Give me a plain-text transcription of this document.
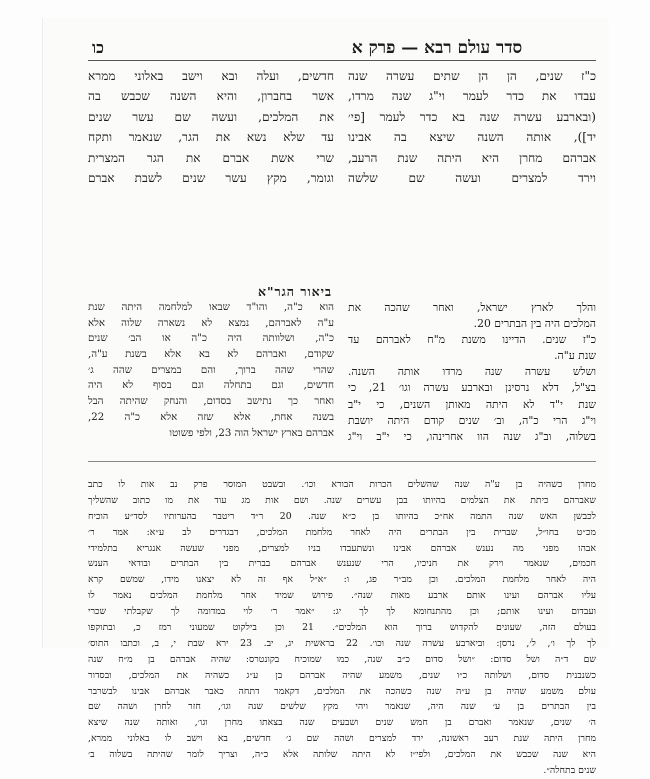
סדר עולם רבא — פרק א
כו

כ"ז שנים, הן הן שתים עשרה שנה

עבדו את כדר לעמר וי"ג שנה מרדו,

(ובארבע עשרה שנה בא כדר לעמר [פי׳

יד]), אותה השנה שיצא בה אבינו

אברהם מחרן היא היתה שנת הרעב,

וירד למצרים ועשה שם שלשה

חדשים, ועלה ובא וישב באלוני ממרא

אשר בחברון, והיא השנה שכבש בה

את המלכים, ועשה שם עשר שנים

עד שלא נשא את הגר, שנאמר ותקח

שרי אשת אברם את הגר המצרית

וגומר, מקץ עשר שנים לשבת אברם

ביאור הגר"א

והלך לארץ ישראל, ואחר שהכה את

המלכים היה בין הבתרים 20.

כ"ז שנים. הדיינו משנת מ"ח לאברהם עד

שנת ע"ה.

ושלש עשרה שנה מרדו אותה השנה.

בצ"ל, דלא נרסינן ובארבע עשרה וגו׳ 21, כי

שנת י"ד לא היתה מאותן השנים, כי י"ב

וי"ג הרי כ"ה, וב׳ שנים קודם היתה יושבת

בשלוה, וב"ג שנה הוו אחרינהו, כי י"ב וי"ג

הוא כ"ה, והו"ד שבאו למלחמה היתה שנת

ע"ה לאברהם, נמצא לא נשארה שלוה אלא

כ"ה, ושלוותה היה כ"ה או הב׳ שנים

שקודם, ואברהם לא בא אלא בשנת ע"ה,

שהרי שהה ברוך, והם במצרים שהה ג׳

חדשים, וגם בתחלה וגם בסוף לא היה

ואחר כך נתישב בסדום, והנחק שהיתה הבל

בשנה אחת, אלא שזה אלא כ"ה 22,

אברהם בארץ ישראל הוה 23, ולפי פשוטו

מחרן כשהיה בן ע"ה שנה שהשלים הכרות הבורא וכו׳. ובשבט המוסר פרק נב אות לו כתב

שאברהם כיתת את הצלמים בהיותו בבן עשרים שנה. ושם אות מג עוד את מו כתוב שהשליך

לכבשן האש שנה התמה אח״כ בהיותו בן כ״א שנה. 20 ר״ד ריטבר בהערותיו לסד״ע הוכיח

מכ״ט בחו״ל, שברית בין הבתרים היה לאחר מלחמת המלכים, דבגדרים לב ע״א: אמר ר׳

אבהו מפני מה נענש אברהם אבינו ונשתעבדו בניו למצרים, מפני שעשה אנגריא בתלמידי

חכמים, שנאמר וירק את חניכיו, הרי שנענש אברהם בברית בין הבתרים ובודאי הענש

היה לאחר מלחמת המלכים. וכן מב״ר פג, ו: ״א״ל אף זה לא יצאנו מידו, שמשם קרא

עליו אברהם ועינו אותם ארבע מאות שנה״. פירוש שמיד אחר מלחמת המלכים נאמר לו

ועבדום ועינו אותם; וכן מהתנחומא לך לך יג: ״אמר ר׳ לוי במדומה לך שקבלתי שכרי

בעולם הזה, שעונים להקדוש ברוך הוא המלכים״. 21 וכן בילקוט שמעוני רמז כ, ובתוקפו

לך לך ו׳, ל׳, נרסן: וביארבע עשרה שנה וכו׳. 22 בראשית יג, יב. 23 ירא שבת י, ב, וכתבו התוס׳

שם ד״ה ושל סדום: ״ושל סדום כ״ב שנה, כמו שמוכיח בקונטרס: שהיה אברהם בן מ״ח שנה

כשנבנית סדום, ושלותה כ״ו שנים, משמע שהיה אברהם בן ע״ג כשהיה את המלכים, ובסדור

עולם משמע שהיה בן ע״ה שנה כשהכה את המלכים, דקאמר דתחה כאבר אברהם אבינו לבשרבר

בין הבתרים בן ע׳ שנה היה, שנאמר ויהי מקץ שלשים שנה וגו׳, חזר לחרן ושהה שם

ה׳ שנים, שנאמר ואברם בן חמש שנים ושבעים שנה בצאתו מחרן וגו׳, ואותה שנה שיצא

מחרן היתה שנת רעב ראשונה, ירד למצרים ושהה שם ג׳ חדשים, בא וישב לו באלוני ממרא,

היא שנה שכבש את המלכים, ולפי״ז לא היתה שלותה אלא כ״ה, וצריך לומר שהיתה בשלוה ב׳

שנים בתחלה״.
